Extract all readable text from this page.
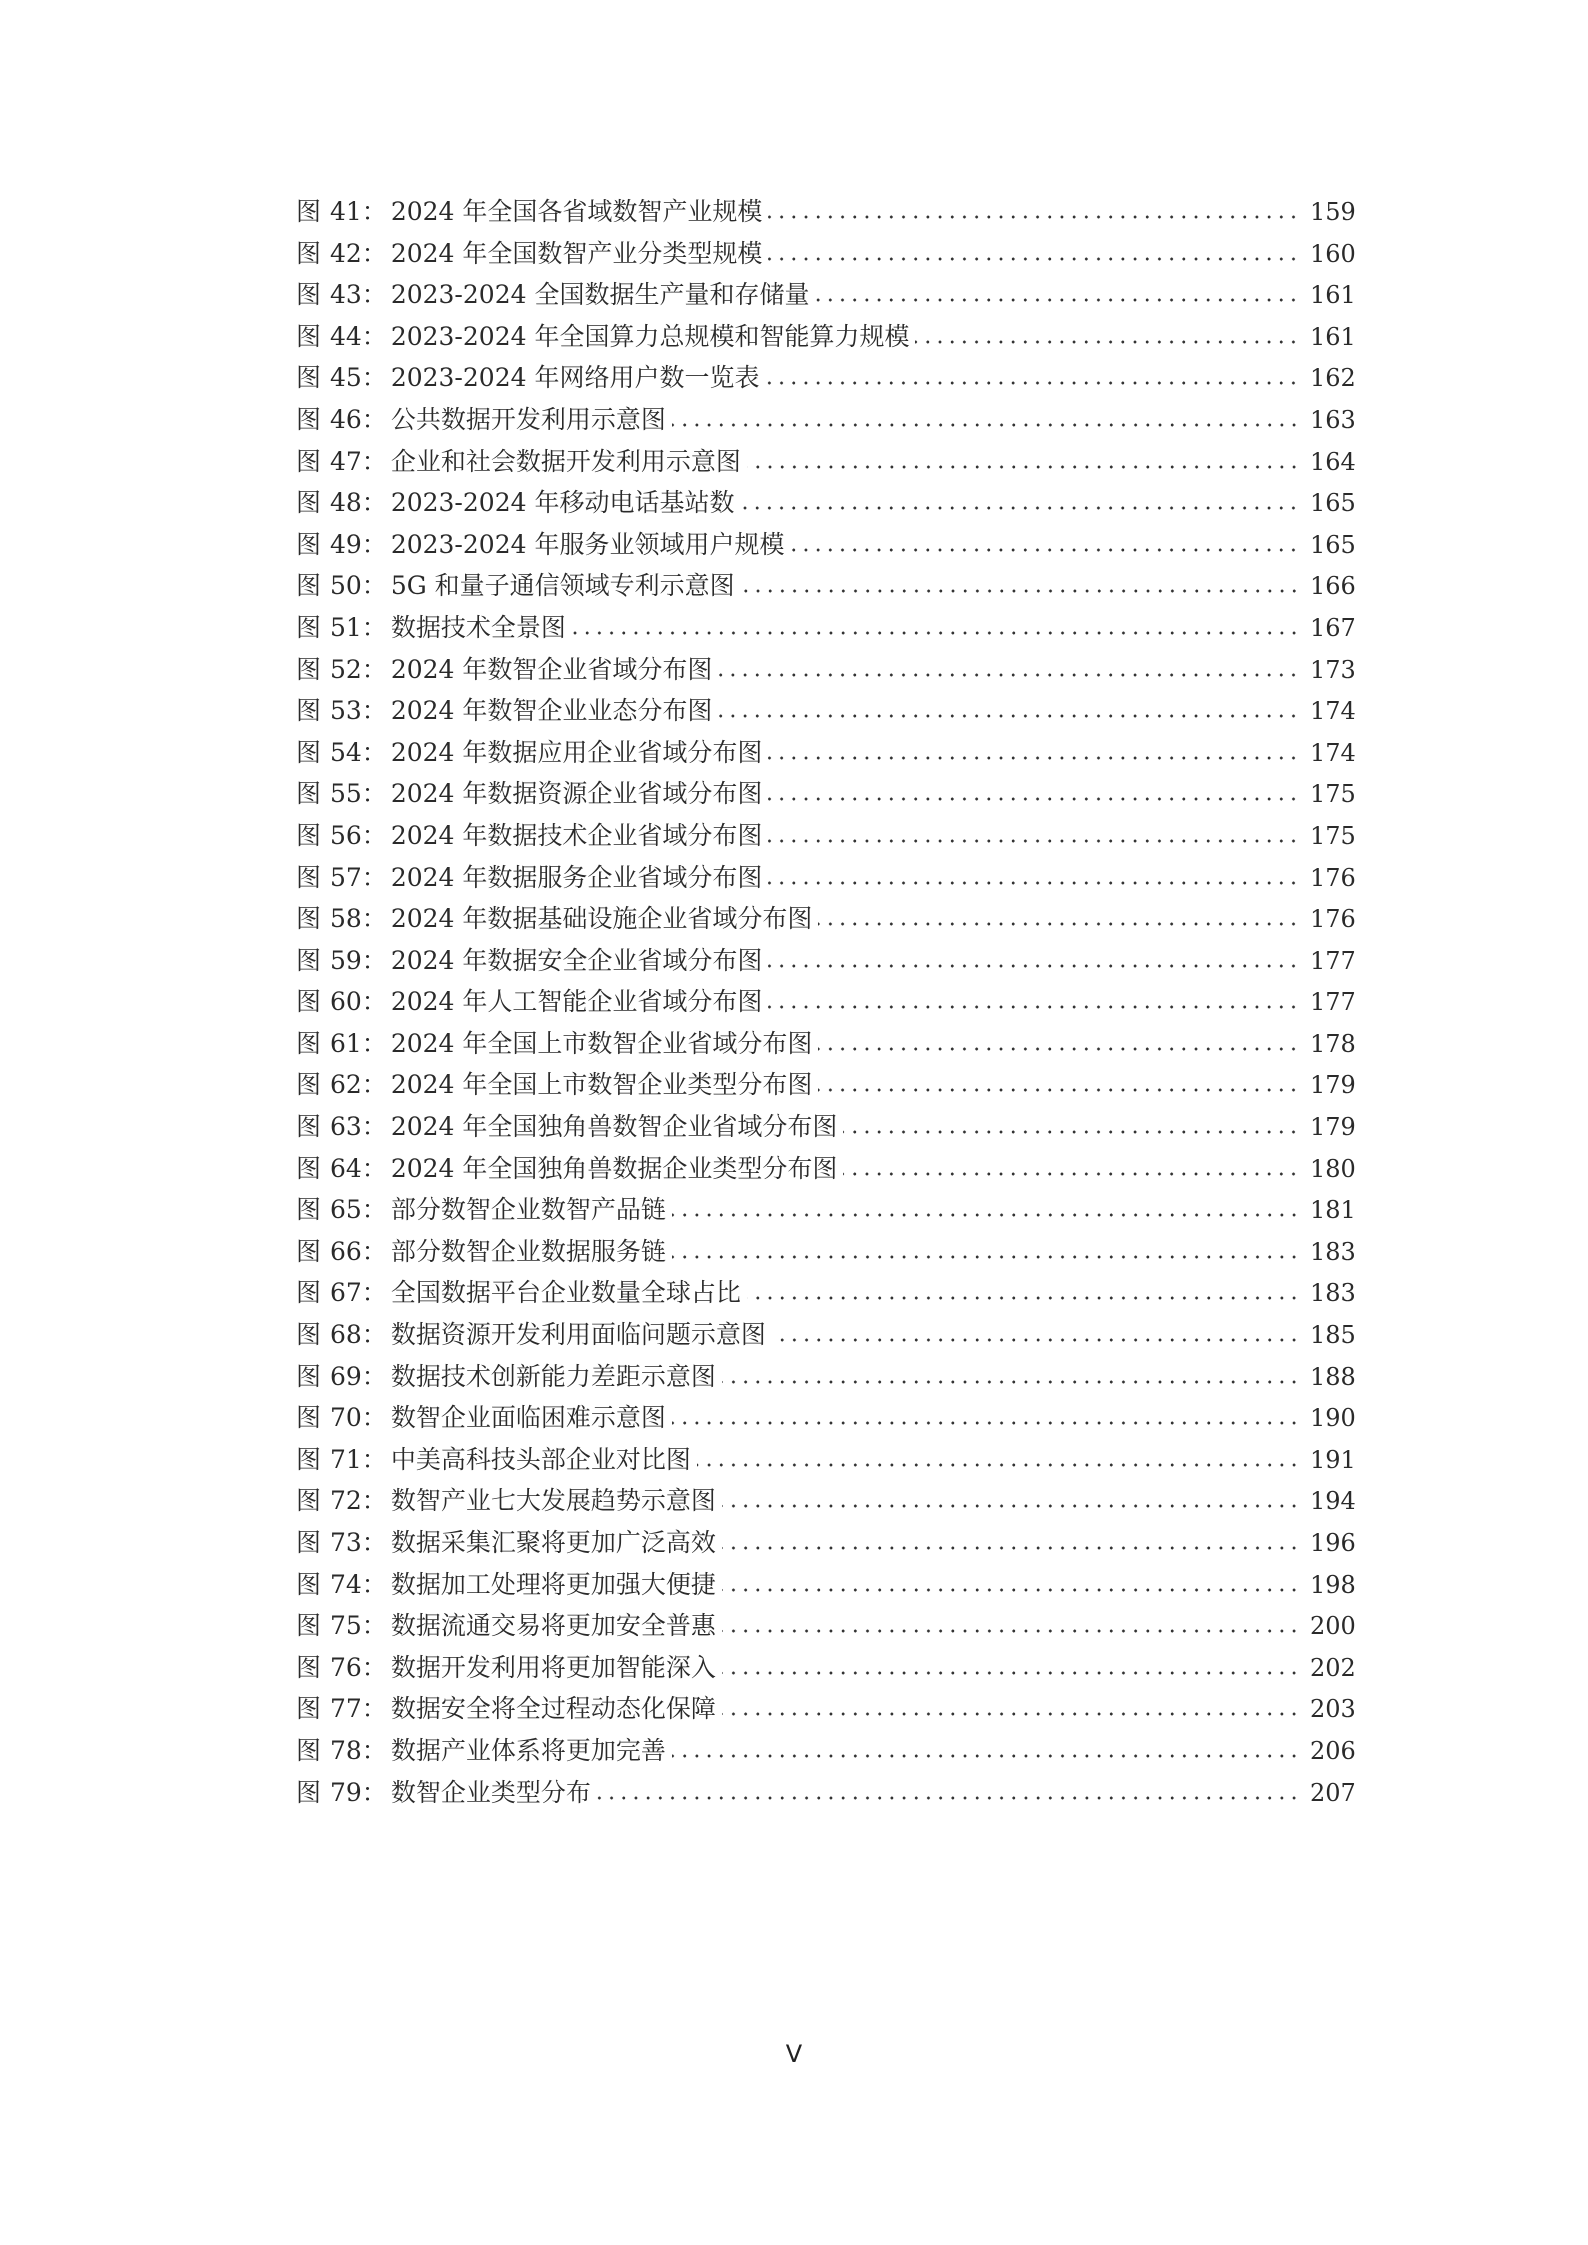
图 41： 2024 年全国各省域数智产业规模	159
图 42： 2024 年全国数智产业分类型规模	160
图 43： 2023-2024 全国数据生产量和存储量	161
图 44： 2023-2024 年全国算力总规模和智能算力规模	161
图 45： 2023-2024 年网络用户数一览表	162
图 46： 公共数据开发利用示意图	163
图 47： 企业和社会数据开发利用示意图	164
图 48： 2023-2024 年移动电话基站数	165
图 49： 2023-2024 年服务业领域用户规模	165
图 50： 5G 和量子通信领域专利示意图	166
图 51： 数据技术全景图	167
图 52： 2024 年数智企业省域分布图	173
图 53： 2024 年数智企业业态分布图	174
图 54： 2024 年数据应用企业省域分布图	174
图 55： 2024 年数据资源企业省域分布图	175
图 56： 2024 年数据技术企业省域分布图	175
图 57： 2024 年数据服务企业省域分布图	176
图 58： 2024 年数据基础设施企业省域分布图	176
图 59： 2024 年数据安全企业省域分布图	177
图 60： 2024 年人工智能企业省域分布图	177
图 61： 2024 年全国上市数智企业省域分布图	178
图 62： 2024 年全国上市数智企业类型分布图	179
图 63： 2024 年全国独角兽数智企业省域分布图	179
图 64： 2024 年全国独角兽数据企业类型分布图	180
图 65： 部分数智企业数智产品链	181
图 66： 部分数智企业数据服务链	183
图 67： 全国数据平台企业数量全球占比	183
图 68： 数据资源开发利用面临问题示意图	185
图 69： 数据技术创新能力差距示意图	188
图 70： 数智企业面临困难示意图	190
图 71： 中美高科技头部企业对比图	191
图 72： 数智产业七大发展趋势示意图	194
图 73： 数据采集汇聚将更加广泛高效	196
图 74： 数据加工处理将更加强大便捷	198
图 75： 数据流通交易将更加安全普惠	200
图 76： 数据开发利用将更加智能深入	202
图 77： 数据安全将全过程动态化保障	203
图 78： 数据产业体系将更加完善	206
图 79： 数智企业类型分布	207
V
